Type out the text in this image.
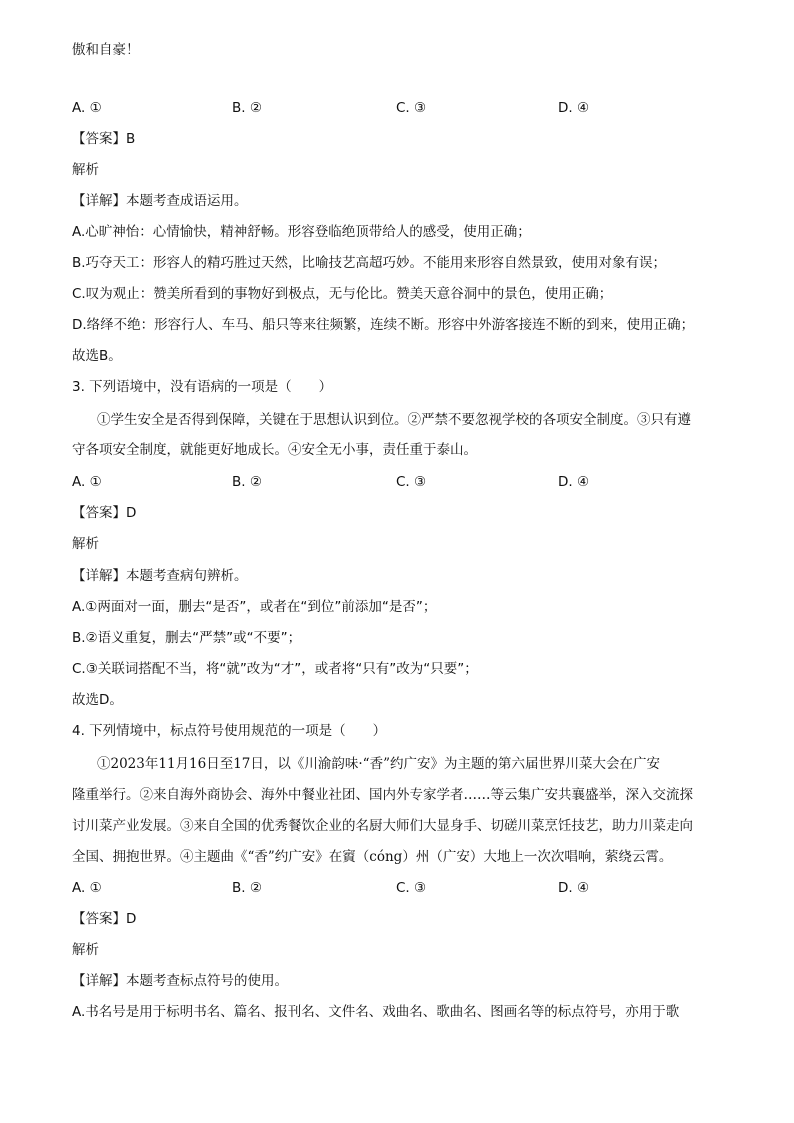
傲和自豪！
A. ①	B. ②	C. ③	D. ④
【答案】B
解析
【详解】本题考查成语运用。
A.心旷神怡：心情愉快，精神舒畅。形容登临绝顶带给人的感受，使用正确；
B.巧夺天工：形容人的精巧胜过天然，比喻技艺高超巧妙。不能用来形容自然景致，使用对象有误；
C.叹为观止：赞美所看到的事物好到极点，无与伦比。赞美天意谷洞中的景色，使用正确；
D.络绎不绝：形容行人、车马、船只等来往频繁，连续不断。形容中外游客接连不断的到来，使用正确；
故选B。
3. 下列语境中，没有语病的一项是（　　）
①学生安全是否得到保障，关键在于思想认识到位。②严禁不要忽视学校的各项安全制度。③只有遵
守各项安全制度，就能更好地成长。④安全无小事，责任重于泰山。
A. ①	B. ②	C. ③	D. ④
【答案】D
解析
【详解】本题考查病句辨析。
A.①两面对一面，删去“是否”，或者在“到位”前添加“是否”；
B.②语义重复，删去“严禁”或“不要”；
C.③关联词搭配不当，将“就”改为“才”，或者将“只有”改为“只要”；
故选D。
4. 下列情境中，标点符号使用规范的一项是（　　）
①2023年11月16日至17日，以《川渝韵味·“香”约广安》为主题的第六届世界川菜大会在广安
隆重举行。②来自海外商协会、海外中餐业社团、国内外专家学者……等云集广安共襄盛举，深入交流探
讨川菜产业发展。③来自全国的优秀餐饮企业的名厨大师们大显身手、切磋川菜烹饪技艺，助力川菜走向
全国、拥抱世界。④主题曲《“香”约广安》在賨（cóng）州（广安）大地上一次次唱响，萦绕云霄。
A. ①	B. ②	C. ③	D. ④
【答案】D
解析
【详解】本题考查标点符号的使用。
A.书名号是用于标明书名、篇名、报刊名、文件名、戏曲名、歌曲名、图画名等的标点符号，亦用于歌
